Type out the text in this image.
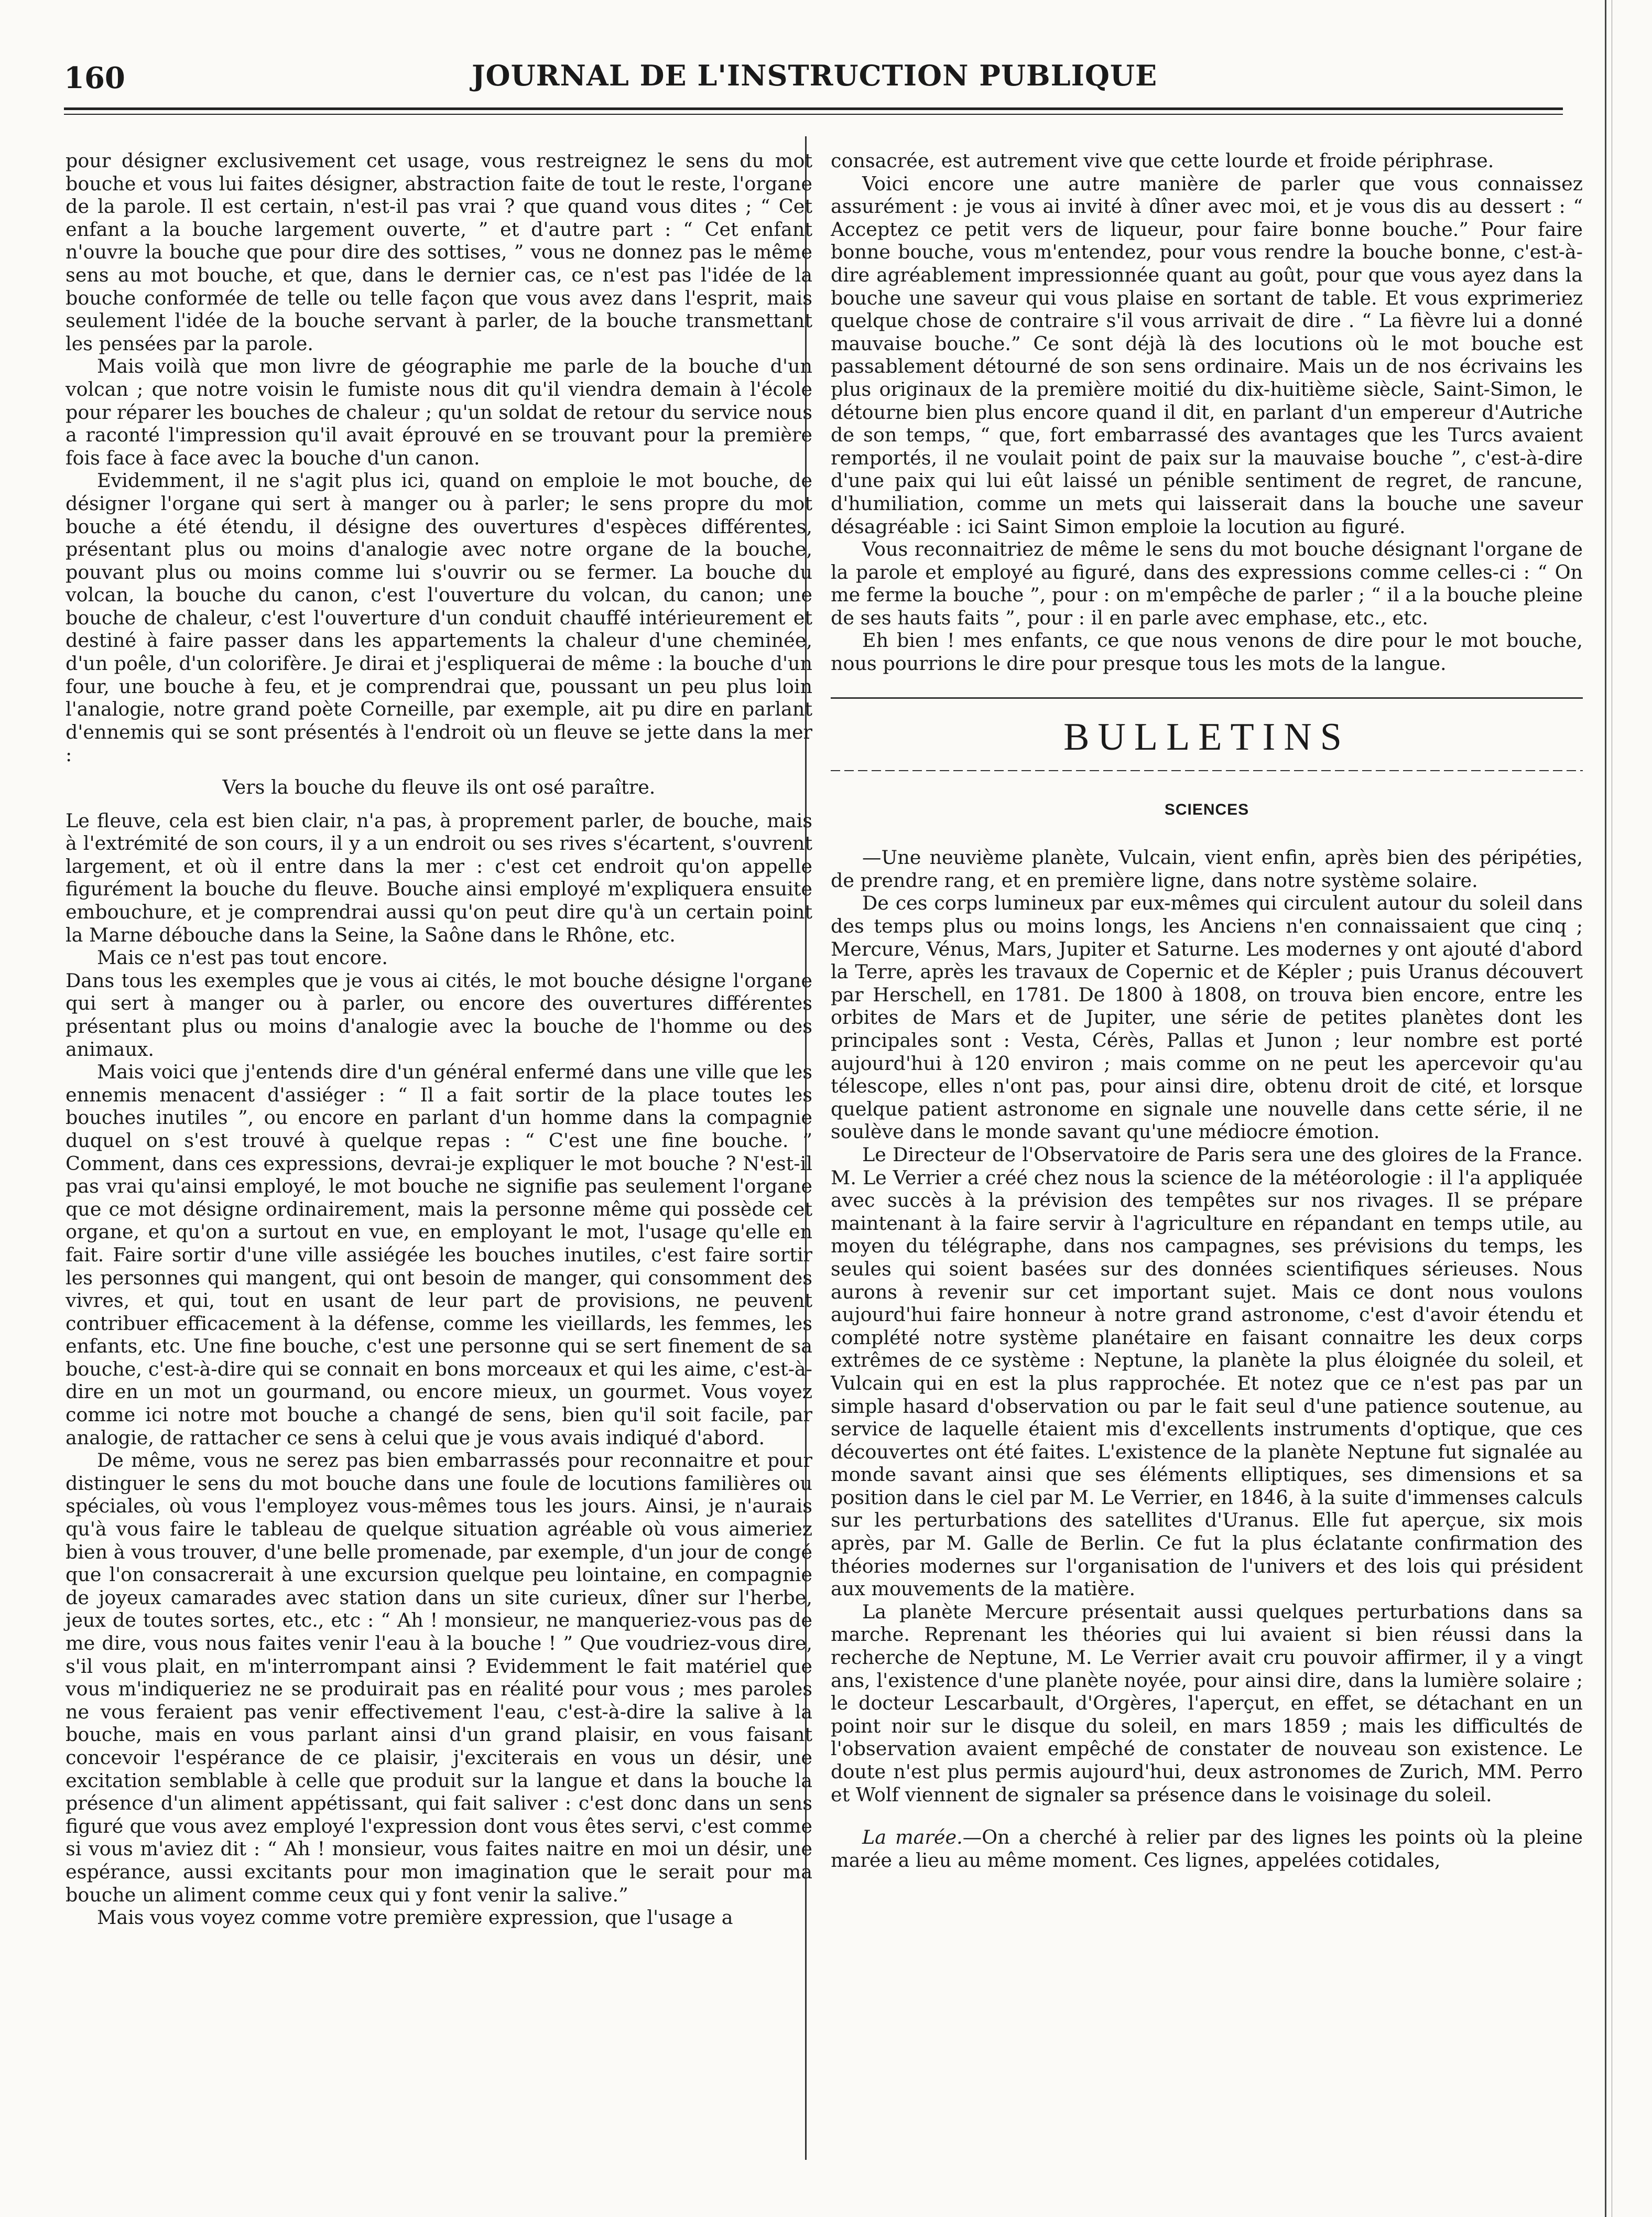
160	JOURNAL DE L'INSTRUCTION PUBLIQUE

pour désigner exclusivement cet usage, vous restreignez le sens du mot bouche et vous lui faites désigner, abstraction faite de tout le reste, l'organe de la parole. Il est certain, n'est-il pas vrai ? que quand vous dites ; “ Cet enfant a la bouche largement ouverte, ” et d'autre part : “ Cet enfant n'ouvre la bouche que pour dire des sottises, ” vous ne donnez pas le même sens au mot bouche, et que, dans le dernier cas, ce n'est pas l'idée de la bouche conformée de telle ou telle façon que vous avez dans l'esprit, mais seulement l'idée de la bouche servant à parler, de la bouche transmettant les pensées par la parole.

Mais voilà que mon livre de géographie me parle de la bouche d'un volcan ; que notre voisin le fumiste nous dit qu'il viendra demain à l'école pour réparer les bouches de chaleur ; qu'un soldat de retour du service nous a raconté l'impression qu'il avait éprouvé en se trouvant pour la première fois face à face avec la bouche d'un canon.

Evidemment, il ne s'agit plus ici, quand on emploie le mot bouche, de désigner l'organe qui sert à manger ou à parler; le sens propre du mot bouche a été étendu, il désigne des ouvertures d'espèces différentes, présentant plus ou moins d'analogie avec notre organe de la bouche, pouvant plus ou moins comme lui s'ouvrir ou se fermer. La bouche du volcan, la bouche du canon, c'est l'ouverture du volcan, du canon; une bouche de chaleur, c'est l'ouverture d'un conduit chauffé intérieurement et destiné à faire passer dans les appartements la chaleur d'une cheminée, d'un poêle, d'un colorifère. Je dirai et j'espliquerai de même : la bouche d'un four, une bouche à feu, et je comprendrai que, poussant un peu plus loin l'analogie, notre grand poète Corneille, par exemple, ait pu dire en parlant d'ennemis qui se sont présentés à l'endroit où un fleuve se jette dans la mer :

Vers la bouche du fleuve ils ont osé paraître.

Le fleuve, cela est bien clair, n'a pas, à proprement parler, de bouche, mais à l'extrémité de son cours, il y a un endroit ou ses rives s'écartent, s'ouvrent largement, et où il entre dans la mer : c'est cet endroit qu'on appelle figurément la bouche du fleuve. Bouche ainsi employé m'expliquera ensuite embouchure, et je comprendrai aussi qu'on peut dire qu'à un certain point la Marne débouche dans la Seine, la Saône dans le Rhône, etc.

Mais ce n'est pas tout encore.

Dans tous les exemples que je vous ai cités, le mot bouche désigne l'organe qui sert à manger ou à parler, ou encore des ouvertures différentes présentant plus ou moins d'analogie avec la bouche de l'homme ou des animaux.

Mais voici que j'entends dire d'un général enfermé dans une ville que les ennemis menacent d'assiéger : “ Il a fait sortir de la place toutes les bouches inutiles ”, ou encore en parlant d'un homme dans la compagnie duquel on s'est trouvé à quelque repas : “ C'est une fine bouche. ” Comment, dans ces expressions, devrai-je expliquer le mot bouche ? N'est-il pas vrai qu'ainsi employé, le mot bouche ne signifie pas seulement l'organe que ce mot désigne ordinairement, mais la personne même qui possède cet organe, et qu'on a surtout en vue, en employant le mot, l'usage qu'elle en fait. Faire sortir d'une ville assiégée les bouches inutiles, c'est faire sortir les personnes qui mangent, qui ont besoin de manger, qui consomment des vivres, et qui, tout en usant de leur part de provisions, ne peuvent contribuer efficacement à la défense, comme les vieillards, les femmes, les enfants, etc. Une fine bouche, c'est une personne qui se sert finement de sa bouche, c'est-à-dire qui se connait en bons morceaux et qui les aime, c'est-à-dire en un mot un gourmand, ou encore mieux, un gourmet. Vous voyez comme ici notre mot bouche a changé de sens, bien qu'il soit facile, par analogie, de rattacher ce sens à celui que je vous avais indiqué d'abord.

De même, vous ne serez pas bien embarrassés pour reconnaitre et pour distinguer le sens du mot bouche dans une foule de locutions familières ou spéciales, où vous l'employez vous-mêmes tous les jours. Ainsi, je n'aurais qu'à vous faire le tableau de quelque situation agréable où vous aimeriez bien à vous trouver, d'une belle promenade, par exemple, d'un jour de congé que l'on consacrerait à une excursion quelque peu lointaine, en compagnie de joyeux camarades avec station dans un site curieux, dîner sur l'herbe, jeux de toutes sortes, etc., etc : “ Ah ! monsieur, ne manqueriez-vous pas de me dire, vous nous faites venir l'eau à la bouche ! ” Que voudriez-vous dire, s'il vous plait, en m'interrompant ainsi ? Evidemment le fait matériel que vous m'indiqueriez ne se produirait pas en réalité pour vous ; mes paroles ne vous feraient pas venir effectivement l'eau, c'est-à-dire la salive à la bouche, mais en vous parlant ainsi d'un grand plaisir, en vous faisant concevoir l'espérance de ce plaisir, j'exciterais en vous un désir, une excitation semblable à celle que produit sur la langue et dans la bouche la présence d'un aliment appétissant, qui fait saliver : c'est donc dans un sens figuré que vous avez employé l'expression dont vous êtes servi, c'est comme si vous m'aviez dit : “ Ah ! monsieur, vous faites naitre en moi un désir, une espérance, aussi excitants pour mon imagination que le serait pour ma bouche un aliment comme ceux qui y font venir la salive.”

Mais vous voyez comme votre première expression, que l'usage a

consacrée, est autrement vive que cette lourde et froide périphrase.

Voici encore une autre manière de parler que vous connaissez assurément : je vous ai invité à dîner avec moi, et je vous dis au dessert : “ Acceptez ce petit vers de liqueur, pour faire bonne bouche.” Pour faire bonne bouche, vous m'entendez, pour vous rendre la bouche bonne, c'est-à-dire agréablement impressionnée quant au goût, pour que vous ayez dans la bouche une saveur qui vous plaise en sortant de table. Et vous exprimeriez quelque chose de contraire s'il vous arrivait de dire . “ La fièvre lui a donné mauvaise bouche.” Ce sont déjà là des locutions où le mot bouche est passablement détourné de son sens ordinaire. Mais un de nos écrivains les plus originaux de la première moitié du dix-huitième siècle, Saint-Simon, le détourne bien plus encore quand il dit, en parlant d'un empereur d'Autriche de son temps, “ que, fort embarrassé des avantages que les Turcs avaient remportés, il ne voulait point de paix sur la mauvaise bouche ”, c'est-à-dire d'une paix qui lui eût laissé un pénible sentiment de regret, de rancune, d'humiliation, comme un mets qui laisserait dans la bouche une saveur désagréable : ici Saint Simon emploie la locution au figuré.

Vous reconnaitriez de même le sens du mot bouche désignant l'organe de la parole et employé au figuré, dans des expressions comme celles-ci : “ On me ferme la bouche ”, pour : on m'empêche de parler ; “ il a la bouche pleine de ses hauts faits ”, pour : il en parle avec emphase, etc., etc.

Eh bien ! mes enfants, ce que nous venons de dire pour le mot bouche, nous pourrions le dire pour presque tous les mots de la langue.

BULLETINS
SCIENCES

—Une neuvième planète, Vulcain, vient enfin, après bien des péripéties, de prendre rang, et en première ligne, dans notre système solaire.

De ces corps lumineux par eux-mêmes qui circulent autour du soleil dans des temps plus ou moins longs, les Anciens n'en connaissaient que cinq ; Mercure, Vénus, Mars, Jupiter et Saturne. Les modernes y ont ajouté d'abord la Terre, après les travaux de Copernic et de Képler ; puis Uranus découvert par Herschell, en 1781. De 1800 à 1808, on trouva bien encore, entre les orbites de Mars et de Jupiter, une série de petites planètes dont les principales sont : Vesta, Cérès, Pallas et Junon ; leur nombre est porté aujourd'hui à 120 environ ; mais comme on ne peut les apercevoir qu'au télescope, elles n'ont pas, pour ainsi dire, obtenu droit de cité, et lorsque quelque patient astronome en signale une nouvelle dans cette série, il ne soulève dans le monde savant qu'une médiocre émotion.

Le Directeur de l'Observatoire de Paris sera une des gloires de la France. M. Le Verrier a créé chez nous la science de la météorologie : il l'a appliquée avec succès à la prévision des tempêtes sur nos rivages. Il se prépare maintenant à la faire servir à l'agriculture en répandant en temps utile, au moyen du télégraphe, dans nos campagnes, ses prévisions du temps, les seules qui soient basées sur des données scientifiques sérieuses. Nous aurons à revenir sur cet important sujet. Mais ce dont nous voulons aujourd'hui faire honneur à notre grand astronome, c'est d'avoir étendu et complété notre système planétaire en faisant connaitre les deux corps extrêmes de ce système : Neptune, la planète la plus éloignée du soleil, et Vulcain qui en est la plus rapprochée. Et notez que ce n'est pas par un simple hasard d'observation ou par le fait seul d'une patience soutenue, au service de laquelle étaient mis d'excellents instruments d'optique, que ces découvertes ont été faites. L'existence de la planète Neptune fut signalée au monde savant ainsi que ses éléments elliptiques, ses dimensions et sa position dans le ciel par M. Le Verrier, en 1846, à la suite d'immenses calculs sur les perturbations des satellites d'Uranus. Elle fut aperçue, six mois après, par M. Galle de Berlin. Ce fut la plus éclatante confirmation des théories modernes sur l'organisation de l'univers et des lois qui président aux mouvements de la matière.

La planète Mercure présentait aussi quelques perturbations dans sa marche. Reprenant les théories qui lui avaient si bien réussi dans la recherche de Neptune, M. Le Verrier avait cru pouvoir affirmer, il y a vingt ans, l'existence d'une planète noyée, pour ainsi dire, dans la lumière solaire ; le docteur Lescarbault, d'Orgères, l'aperçut, en effet, se détachant en un point noir sur le disque du soleil, en mars 1859 ; mais les difficultés de l'observation avaient empêché de constater de nouveau son existence. Le doute n'est plus permis aujourd'hui, deux astronomes de Zurich, MM. Perro et Wolf viennent de signaler sa présence dans le voisinage du soleil.

La marée.—On a cherché à relier par des lignes les points où la pleine marée a lieu au même moment. Ces lignes, appelées cotidales,
